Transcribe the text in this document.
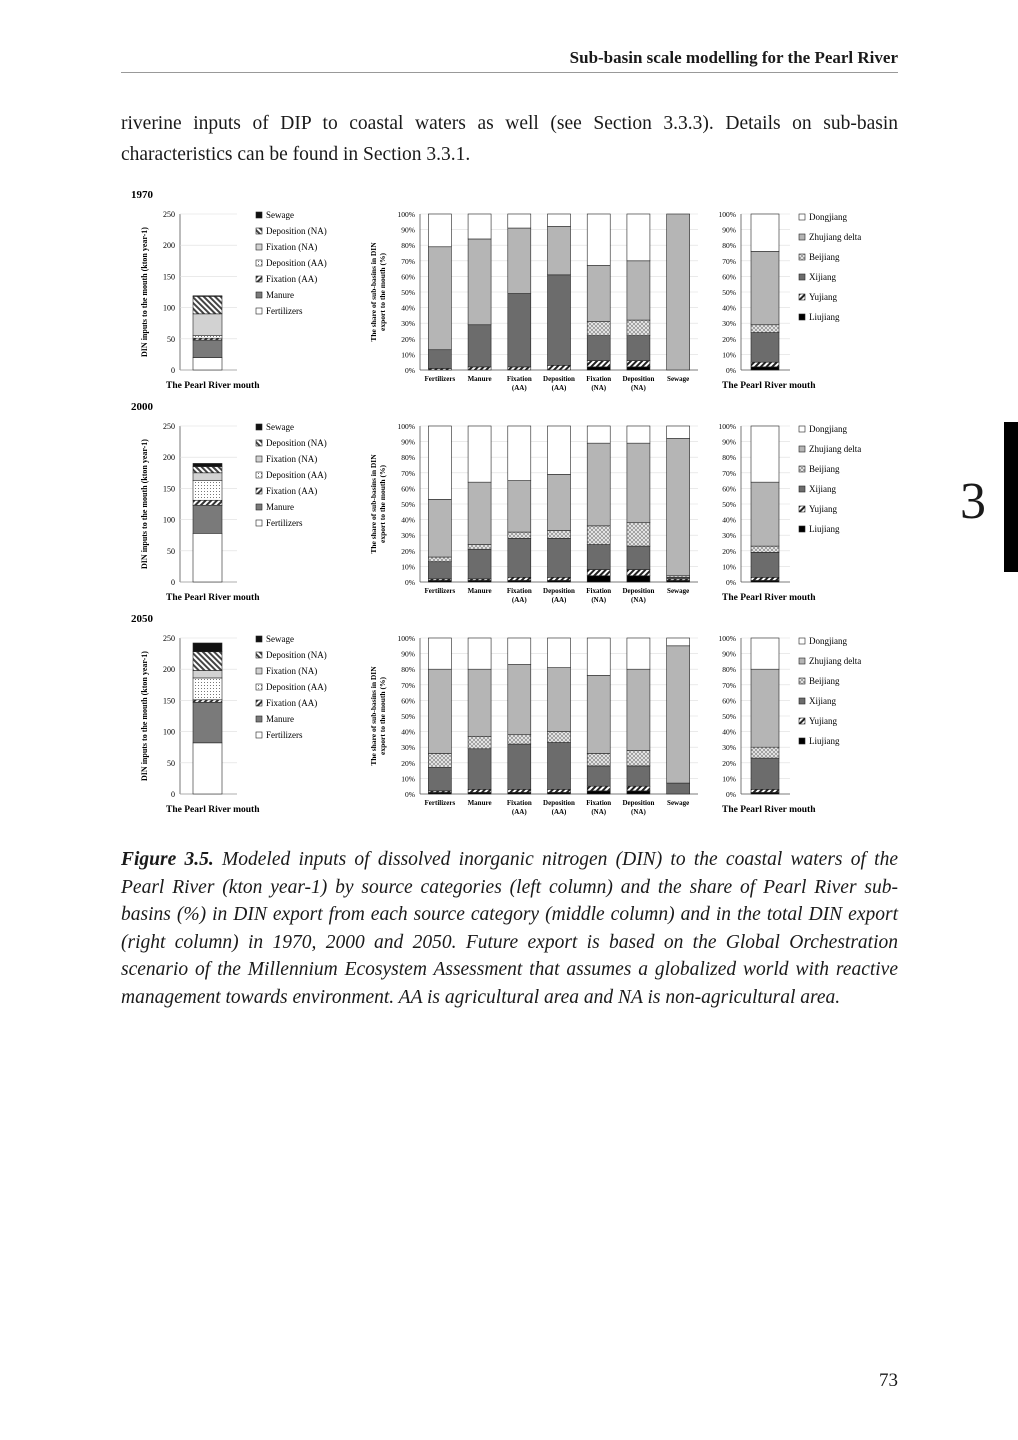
Sub-basin scale modelling for the Pearl River
riverine inputs of DIP to coastal waters as well (see Section 3.3.3). Details on sub-basin characteristics can be found in Section 3.3.1.
3
1970
250
200
150
100
50
0
DIN inputs to the mouth (kton year-1)
The Pearl River mouth
Sewage
Deposition (NA)
Fixation (NA)
Deposition (AA)
Fixation (AA)
Manure
Fertilizers	The share of sub-basins in DIN export to the mouth (%)
100%
90%
80%
70%
60%
50%
40%
30%
20%
10%
0%
Fertilizers Manure Fixation
(AA)
Deposition
(AA)
Fixation
(NA)
Deposition
(NA)
Sewage
100%
90%
80%
70%
60%
50%
40%
30%
20%
10%
0%
The Pearl River mouth
Dongjiang
Zhujiang delta
Beijiang
Xijiang
Yujiang
Liujiang
2000
250
200
150
100
50
0
DIN inputs to the mouth (kton year-1)
The Pearl River mouth
Sewage
Deposition (NA)
Fixation (NA)
Deposition (AA)
Fixation (AA)
Manure
Fertilizers	The share of sub-basins in DIN export to the mouth (%)
100%
90%
80%
70%
60%
50%
40%
30%
20%
10%
0%
Fertilizers Manure Fixation
(AA)
Deposition
(AA)
Fixation
(NA)
Deposition
(NA)
Sewage
100%
90%
80%
70%
60%
50%
40%
30%
20%
10%
0%
The Pearl River mouth
Dongjiang
Zhujiang delta
Beijiang
Xijiang
Yujiang
Liujiang
2050
250
200
150
100
50
0
DIN inputs to the mouth (kton year-1)
The Pearl River mouth
Sewage
Deposition (NA)
Fixation (NA)
Deposition (AA)
Fixation (AA)
Manure
Fertilizers	The share of sub-basins in DIN export to the mouth (%)
100%
90%
80%
70%
60%
50%
40%
30%
20%
10%
0%
Fertilizers Manure Fixation
(AA)
Deposition
(AA)
Fixation
(NA)
Deposition
(NA)
Sewage
100%
90%
80%
70%
60%
50%
40%
30%
20%
10%
0%
The Pearl River mouth
Dongjiang
Zhujiang delta
Beijiang
Xijiang
Yujiang
Liujiang
Figure 3.5. Modeled inputs of dissolved inorganic nitrogen (DIN) to the coastal waters of the Pearl River (kton year-1) by source categories (left column) and the share of Pearl River sub-basins (%) in DIN export from each source category (middle column) and in the total DIN export (right column) in 1970, 2000 and 2050. Future export is based on the Global Orchestration scenario of the Millennium Ecosystem Assessment that assumes a globalized world with reactive management towards environment. AA is agricultural area and NA is non-agricultural area.
73
